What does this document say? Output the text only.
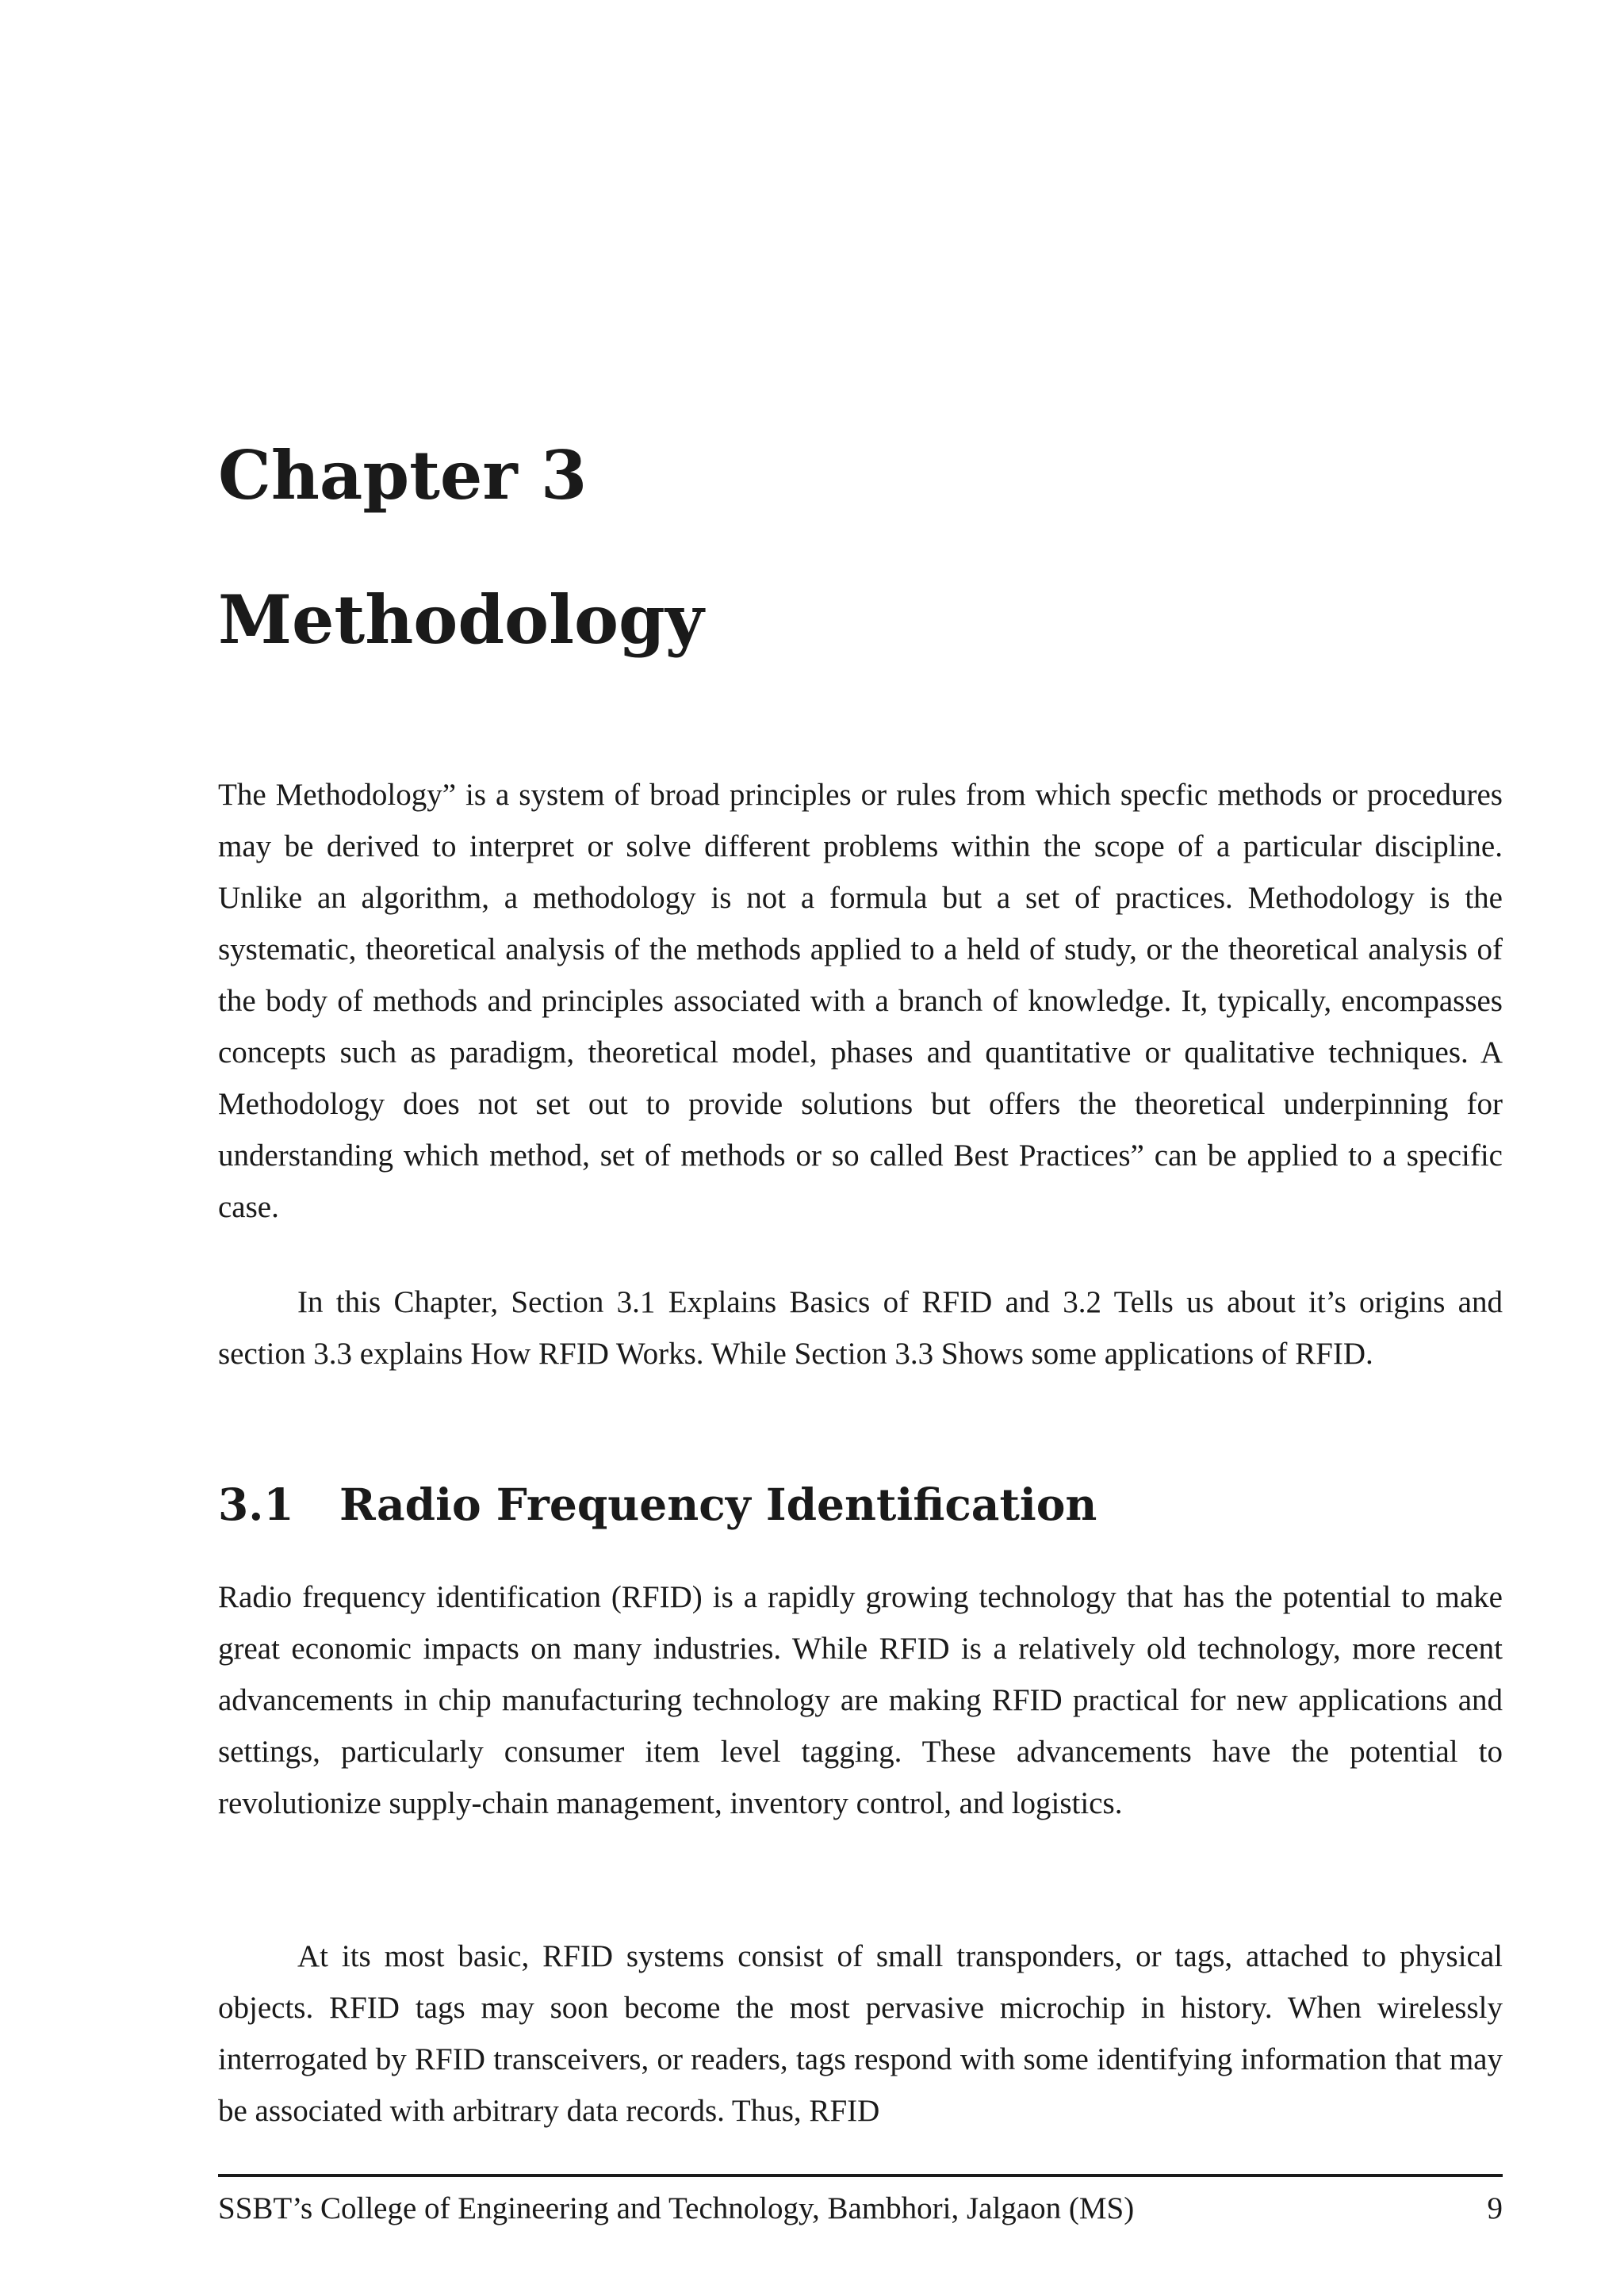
Chapter 3
Methodology

The Methodology” is a system of broad principles or rules from which specfic methods or procedures may be derived to interpret or solve different problems within the scope of a particular discipline. Unlike an algorithm, a methodology is not a formula but a set of practices. Methodology is the systematic, theoretical analysis of the methods applied to a held of study, or the theoretical analysis of the body of methods and principles associated with a branch of knowledge. It, typically, encompasses concepts such as paradigm, theoretical model, phases and quantitative or qualitative techniques. A Methodology does not set out to provide solutions but offers the theoretical underpinning for understanding which method, set of methods or so called Best Practices” can be applied to a specific case.

In this Chapter, Section 3.1 Explains Basics of RFID and 3.2 Tells us about it’s origins and section 3.3 explains How RFID Works. While Section 3.3 Shows some applications of RFID.

3.1 Radio Frequency Identification

Radio frequency identification (RFID) is a rapidly growing technology that has the potential to make great economic impacts on many industries. While RFID is a relatively old technology, more recent advancements in chip manufacturing technology are making RFID practical for new applications and settings, particularly consumer item level tagging. These advancements have the potential to revolutionize supply-chain management, inventory control, and logistics.

At its most basic, RFID systems consist of small transponders, or tags, attached to physical objects. RFID tags may soon become the most pervasive microchip in history. When wirelessly interrogated by RFID transceivers, or readers, tags respond with some identifying information that may be associated with arbitrary data records. Thus, RFID

SSBT’s College of Engineering and Technology, Bambhori, Jalgaon (MS)	9
